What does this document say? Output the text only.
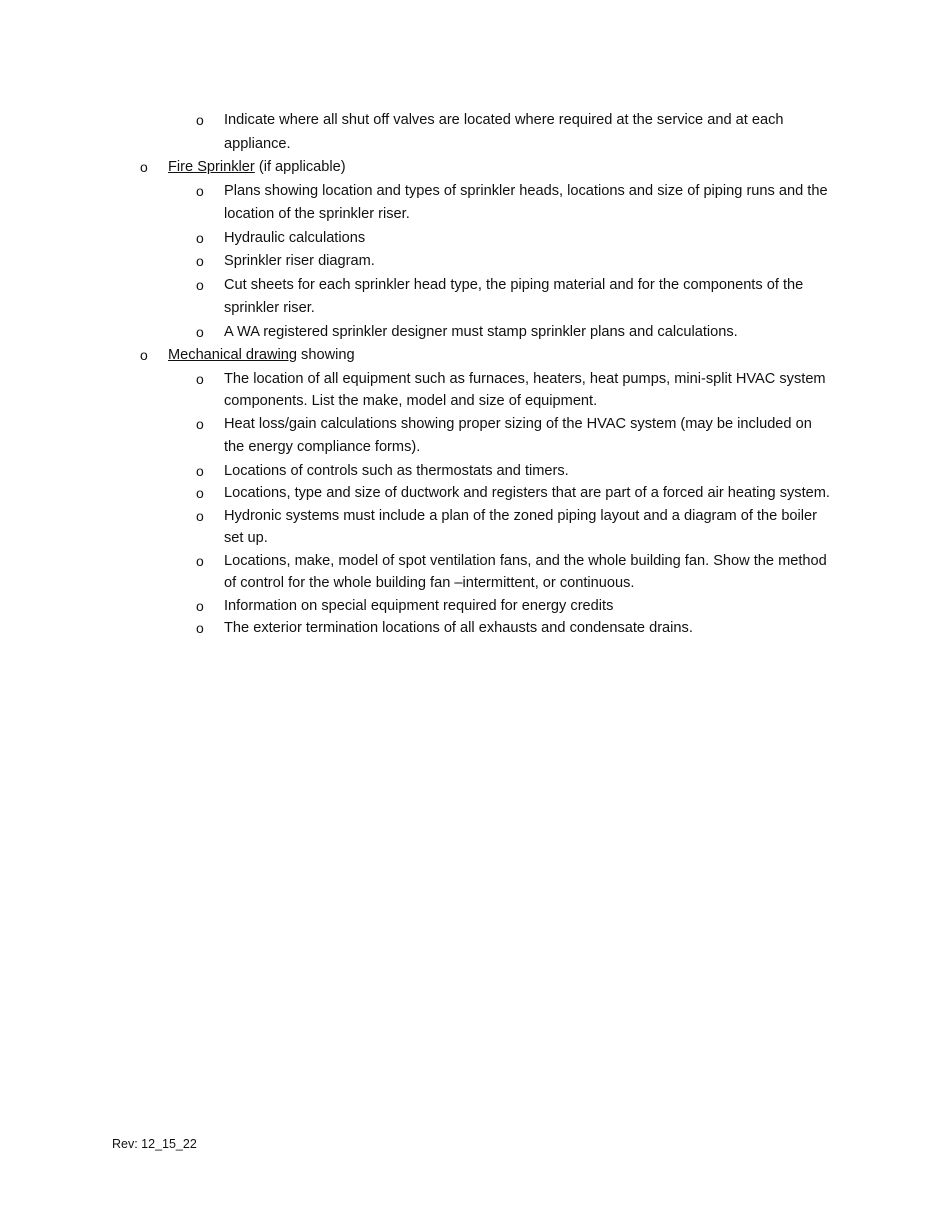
o Indicate where all shut off valves are located where required at the service and at each appliance.
o Fire Sprinkler (if applicable)
o Plans showing location and types of sprinkler heads, locations and size of piping runs and the location of the sprinkler riser.
o Hydraulic calculations
o Sprinkler riser diagram.
o Cut sheets for each sprinkler head type, the piping material and for the components of the sprinkler riser.
o A WA registered sprinkler designer must stamp sprinkler plans and calculations.
o Mechanical drawing showing
o The location of all equipment such as furnaces, heaters, heat pumps, mini-split HVAC system components. List the make, model and size of equipment.
o Heat loss/gain calculations showing proper sizing of the HVAC system (may be included on the energy compliance forms).
o Locations of controls such as thermostats and timers.
o Locations, type and size of ductwork and registers that are part of a forced air heating system.
o Hydronic systems must include a plan of the zoned piping layout and a diagram of the boiler set up.
o Locations, make, model of spot ventilation fans, and the whole building fan. Show the method of control for the whole building fan –intermittent, or continuous.
o Information on special equipment required for energy credits
o The exterior termination locations of all exhausts and condensate drains.
Rev: 12_15_22
